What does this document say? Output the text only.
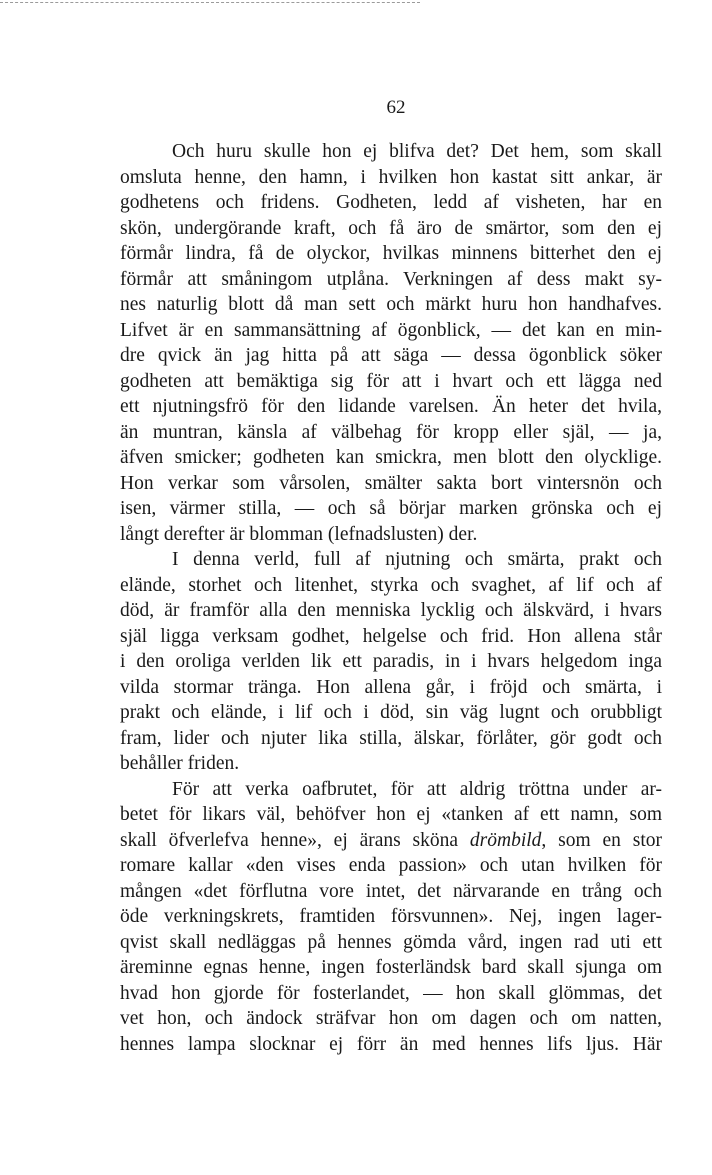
62
Och huru skulle hon ej blifva det? Det hem, som skall
omsluta henne, den hamn, i hvilken hon kastat sitt ankar, är
godhetens och fridens. Godheten, ledd af visheten, har en
skön, undergörande kraft, och få äro de smärtor, som den ej
förmår lindra, få de olyckor, hvilkas minnens bitterhet den ej
förmår att småningom utplåna. Verkningen af dess makt sy-
nes naturlig blott då man sett och märkt huru hon handhafves.
Lifvet är en sammansättning af ögonblick, — det kan en min-
dre qvick än jag hitta på att säga — dessa ögonblick söker
godheten att bemäktiga sig för att i hvart och ett lägga ned
ett njutningsfrö för den lidande varelsen. Än heter det hvila,
än muntran, känsla af välbehag för kropp eller själ, — ja,
äfven smicker; godheten kan smickra, men blott den olycklige.
Hon verkar som vårsolen, smälter sakta bort vintersnön och
isen, värmer stilla, — och så börjar marken grönska och ej
långt derefter är blomman (lefnadslusten) der.
I denna verld, full af njutning och smärta, prakt och
elände, storhet och litenhet, styrka och svaghet, af lif och af
död, är framför alla den menniska lycklig och älskvärd, i hvars
själ ligga verksam godhet, helgelse och frid. Hon allena står
i den oroliga verlden lik ett paradis, in i hvars helgedom inga
vilda stormar tränga. Hon allena går, i fröjd och smärta, i
prakt och elände, i lif och i död, sin väg lugnt och orubbligt
fram, lider och njuter lika stilla, älskar, förlåter, gör godt och
behåller friden.
För att verka oafbrutet, för att aldrig tröttna under ar-
betet för likars väl, behöfver hon ej «tanken af ett namn, som
skall öfverlefva henne», ej ärans sköna drömbild, som en stor
romare kallar «den vises enda passion» och utan hvilken för
mången «det förflutna vore intet, det närvarande en trång och
öde verkningskrets, framtiden försvunnen». Nej, ingen lager-
qvist skall nedläggas på hennes gömda vård, ingen rad uti ett
äreminne egnas henne, ingen fosterländsk bard skall sjunga om
hvad hon gjorde för fosterlandet, — hon skall glömmas, det
vet hon, och ändock sträfvar hon om dagen och om natten,
hennes lampa slocknar ej förr än med hennes lifs ljus. Här
